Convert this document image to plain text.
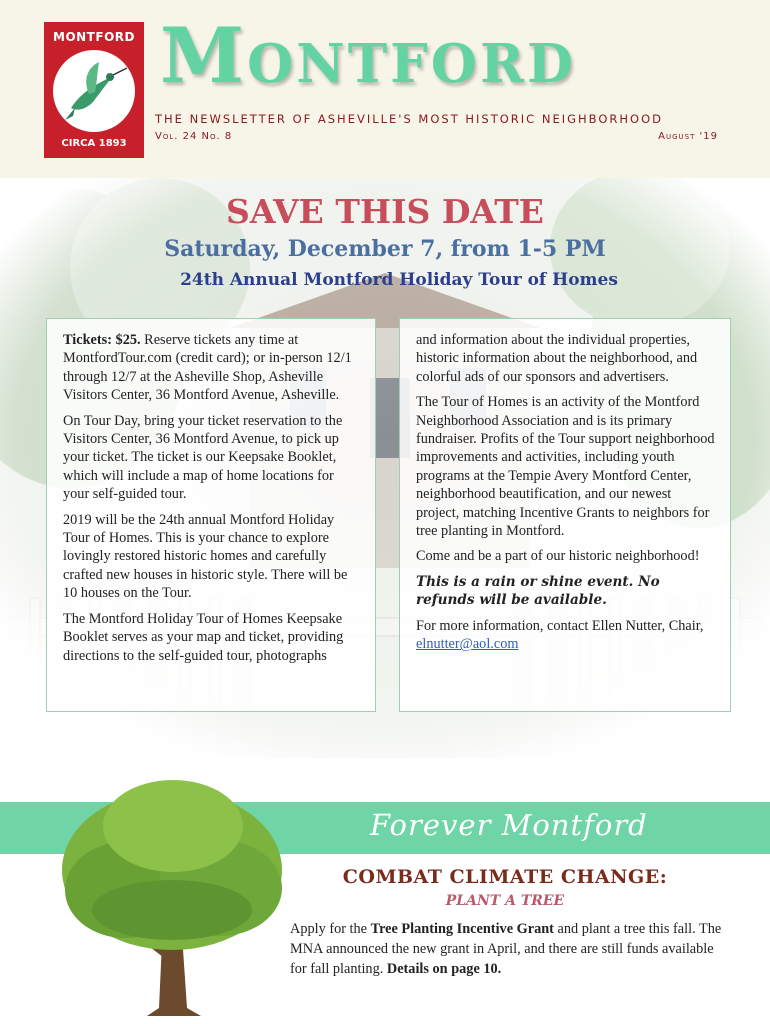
MONTFORD
CIRCA 1893
Montford
THE NEWSLETTER OF ASHEVILLE'S MOST HISTORIC NEIGHBORHOOD
Vol. 24 No. 8	August '19
SAVE THIS DATE
Saturday, December 7, from 1-5 PM
24th Annual Montford Holiday Tour of Homes

Tickets: $25. Reserve tickets any time at MontfordTour.com (credit card); or in-person 12/1 through 12/7 at the Asheville Shop, Asheville Visitors Center, 36 Montford Avenue, Asheville.

On Tour Day, bring your ticket reservation to the Visitors Center, 36 Montford Avenue, to pick up your ticket. The ticket is our Keepsake Booklet, which will include a map of home locations for your self-guided tour.

2019 will be the 24th annual Montford Holiday Tour of Homes. This is your chance to explore lovingly restored historic homes and carefully crafted new houses in historic style. There will be 10 houses on the Tour.

The Montford Holiday Tour of Homes Keepsake Booklet serves as your map and ticket, providing directions to the self-guided tour, photographs

and information about the individual properties, historic information about the neighborhood, and colorful ads of our sponsors and advertisers.

The Tour of Homes is an activity of the Montford Neighborhood Association and is its primary fundraiser. Profits of the Tour support neighborhood improvements and activities, including youth programs at the Tempie Avery Montford Center, neighborhood beautification, and our newest project, matching Incentive Grants to neighbors for tree planting in Montford.

Come and be a part of our historic neighborhood!

This is a rain or shine event. No refunds will be available.

For more information, contact Ellen Nutter, Chair, elnutter@aol.com

Forever Montford
COMBAT CLIMATE CHANGE:
PLANT A TREE
Apply for the Tree Planting Incentive Grant and plant a tree this fall. The MNA announced the new grant in April, and there are still funds available for fall planting. Details on page 10.
